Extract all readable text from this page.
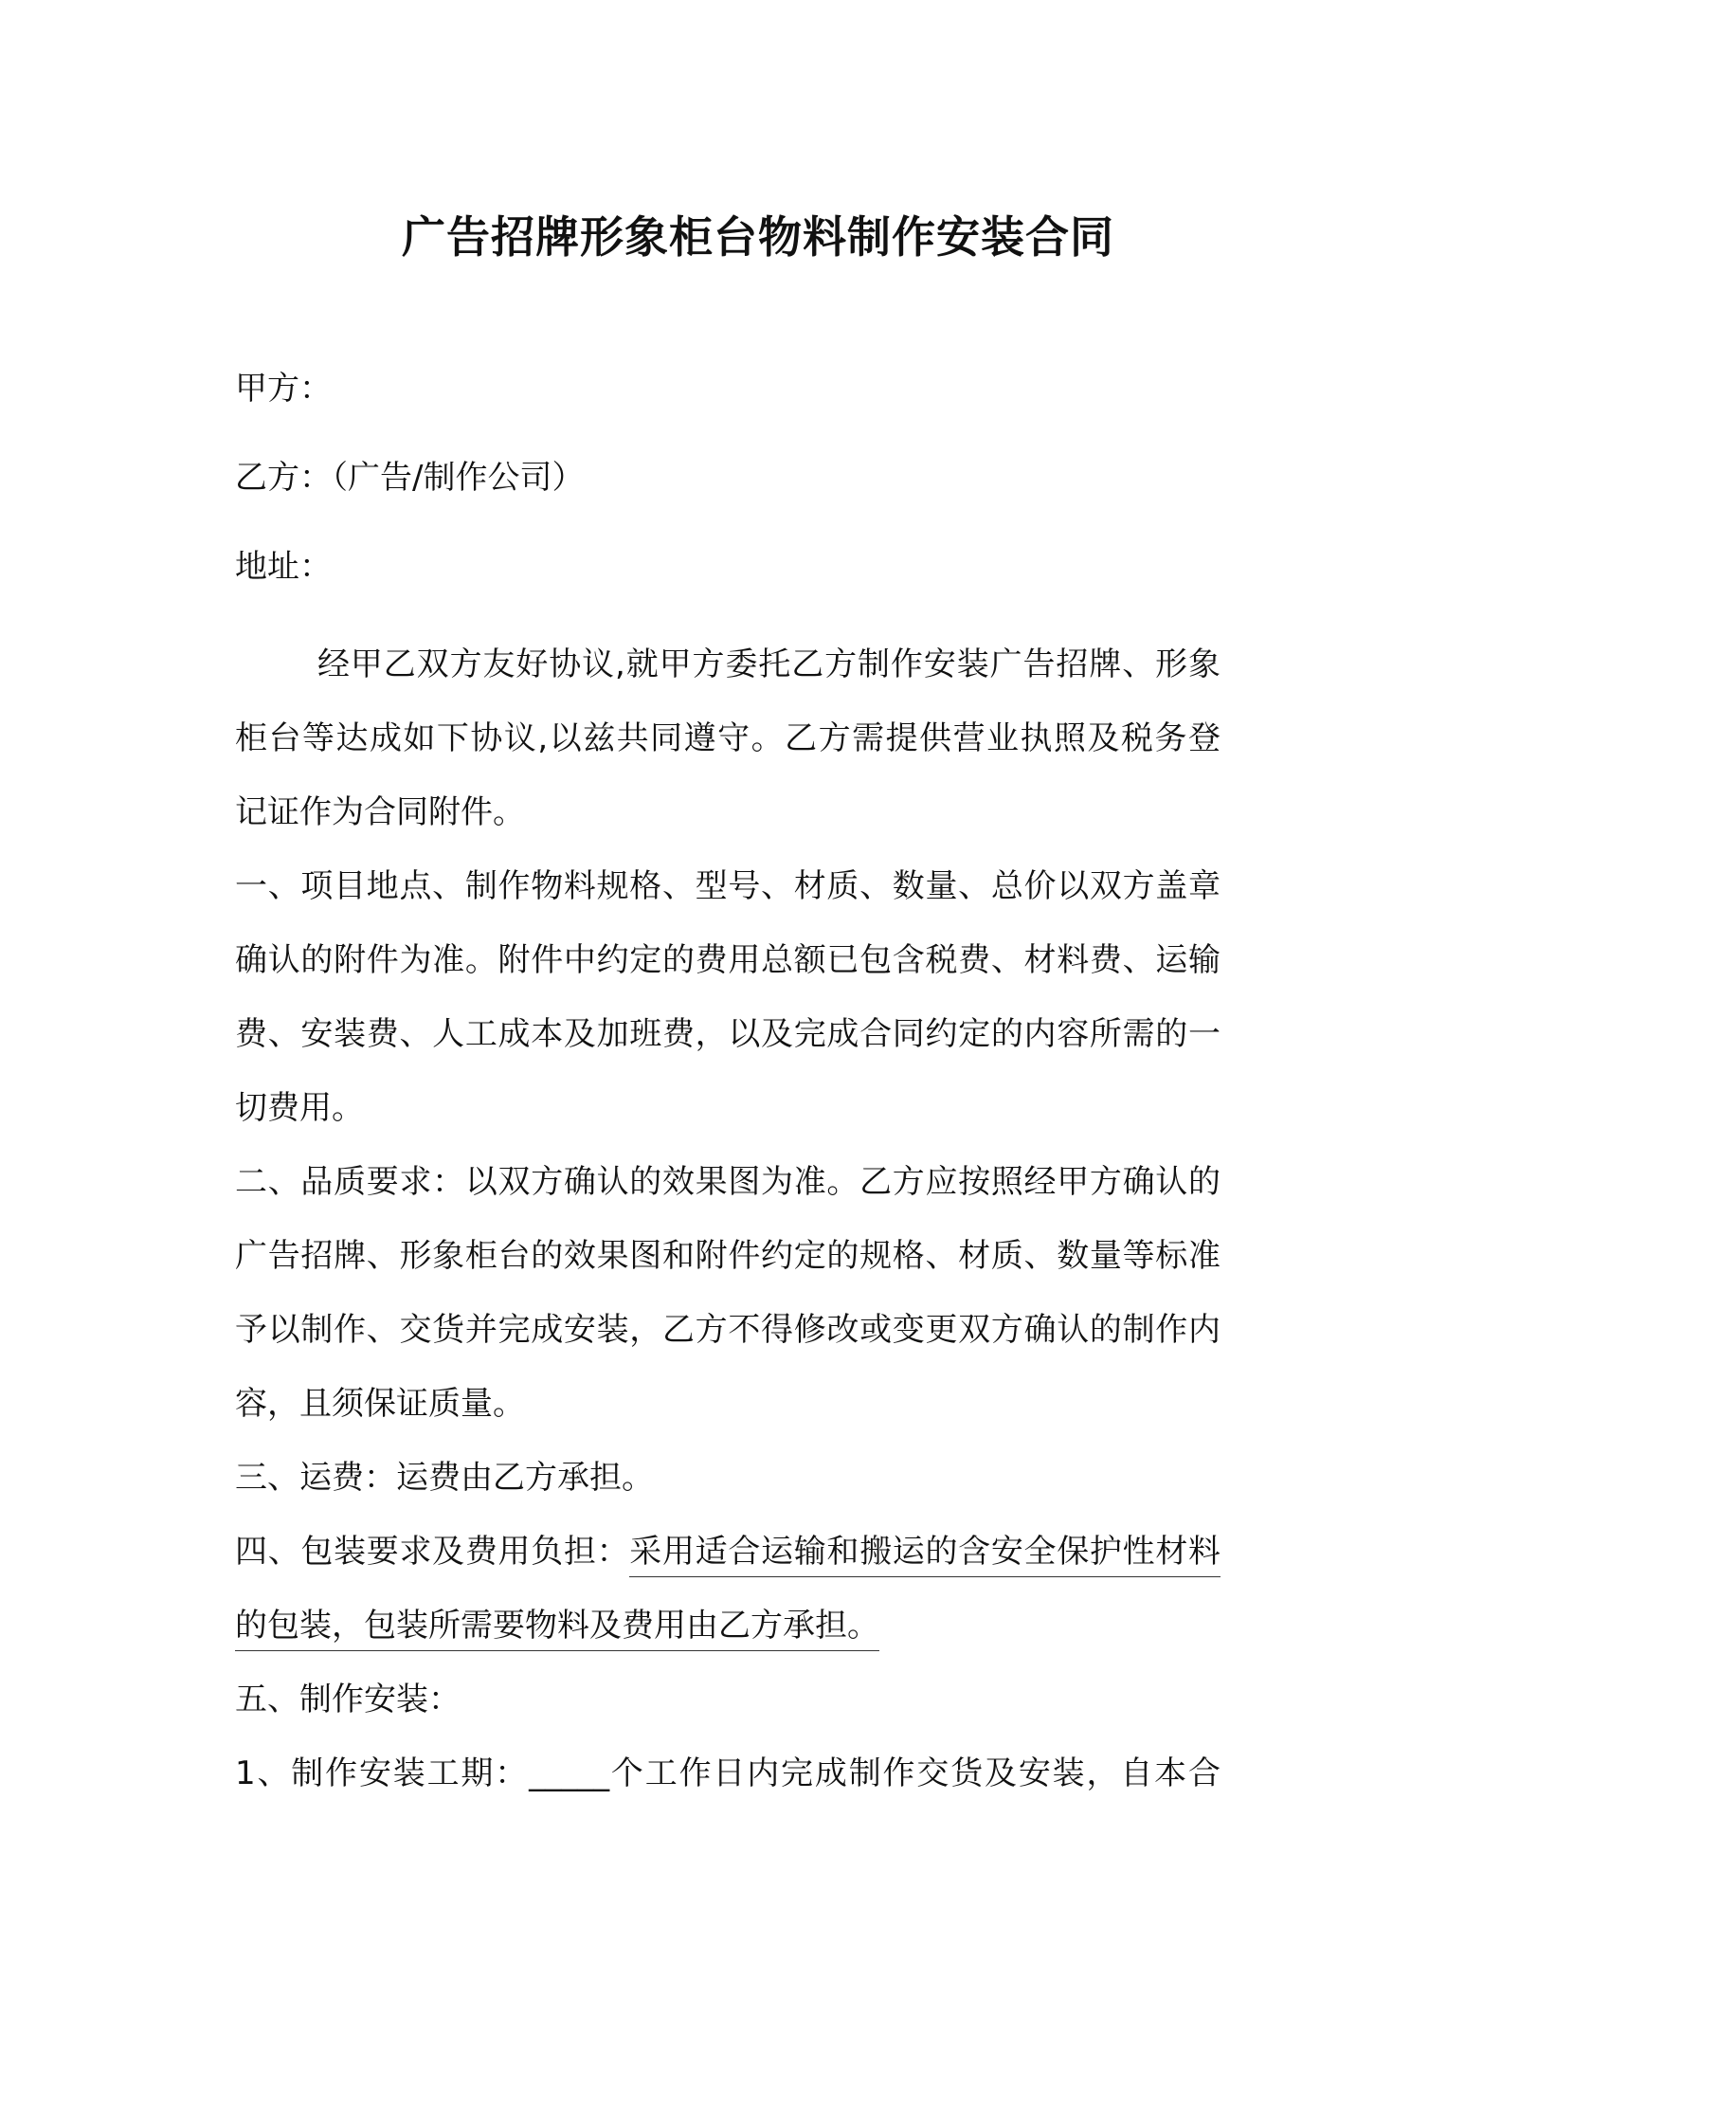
广告招牌形象柜台物料制作安装合同
甲方：
乙方：（广告/制作公司）
地址：
经甲乙双方友好协议,就甲方委托乙方制作安装广告招牌、形象
柜台等达成如下协议,以兹共同遵守。乙方需提供营业执照及税务登
记证作为合同附件。
一、项目地点、制作物料规格、型号、材质、数量、总价以双方盖章
确认的附件为准。附件中约定的费用总额已包含税费、材料费、运输
费、安装费、人工成本及加班费，以及完成合同约定的内容所需的一
切费用。
二、品质要求：以双方确认的效果图为准。乙方应按照经甲方确认的
广告招牌、形象柜台的效果图和附件约定的规格、材质、数量等标准
予以制作、交货并完成安装，乙方不得修改或变更双方确认的制作内
容，且须保证质量。
三、运费：运费由乙方承担。
四、包装要求及费用负担：采用适合运输和搬运的含安全保护性材料
的包装，包装所需要物料及费用由乙方承担。
五、制作安装：
1、制作安装工期：_____个工作日内完成制作交货及安装，自本合
